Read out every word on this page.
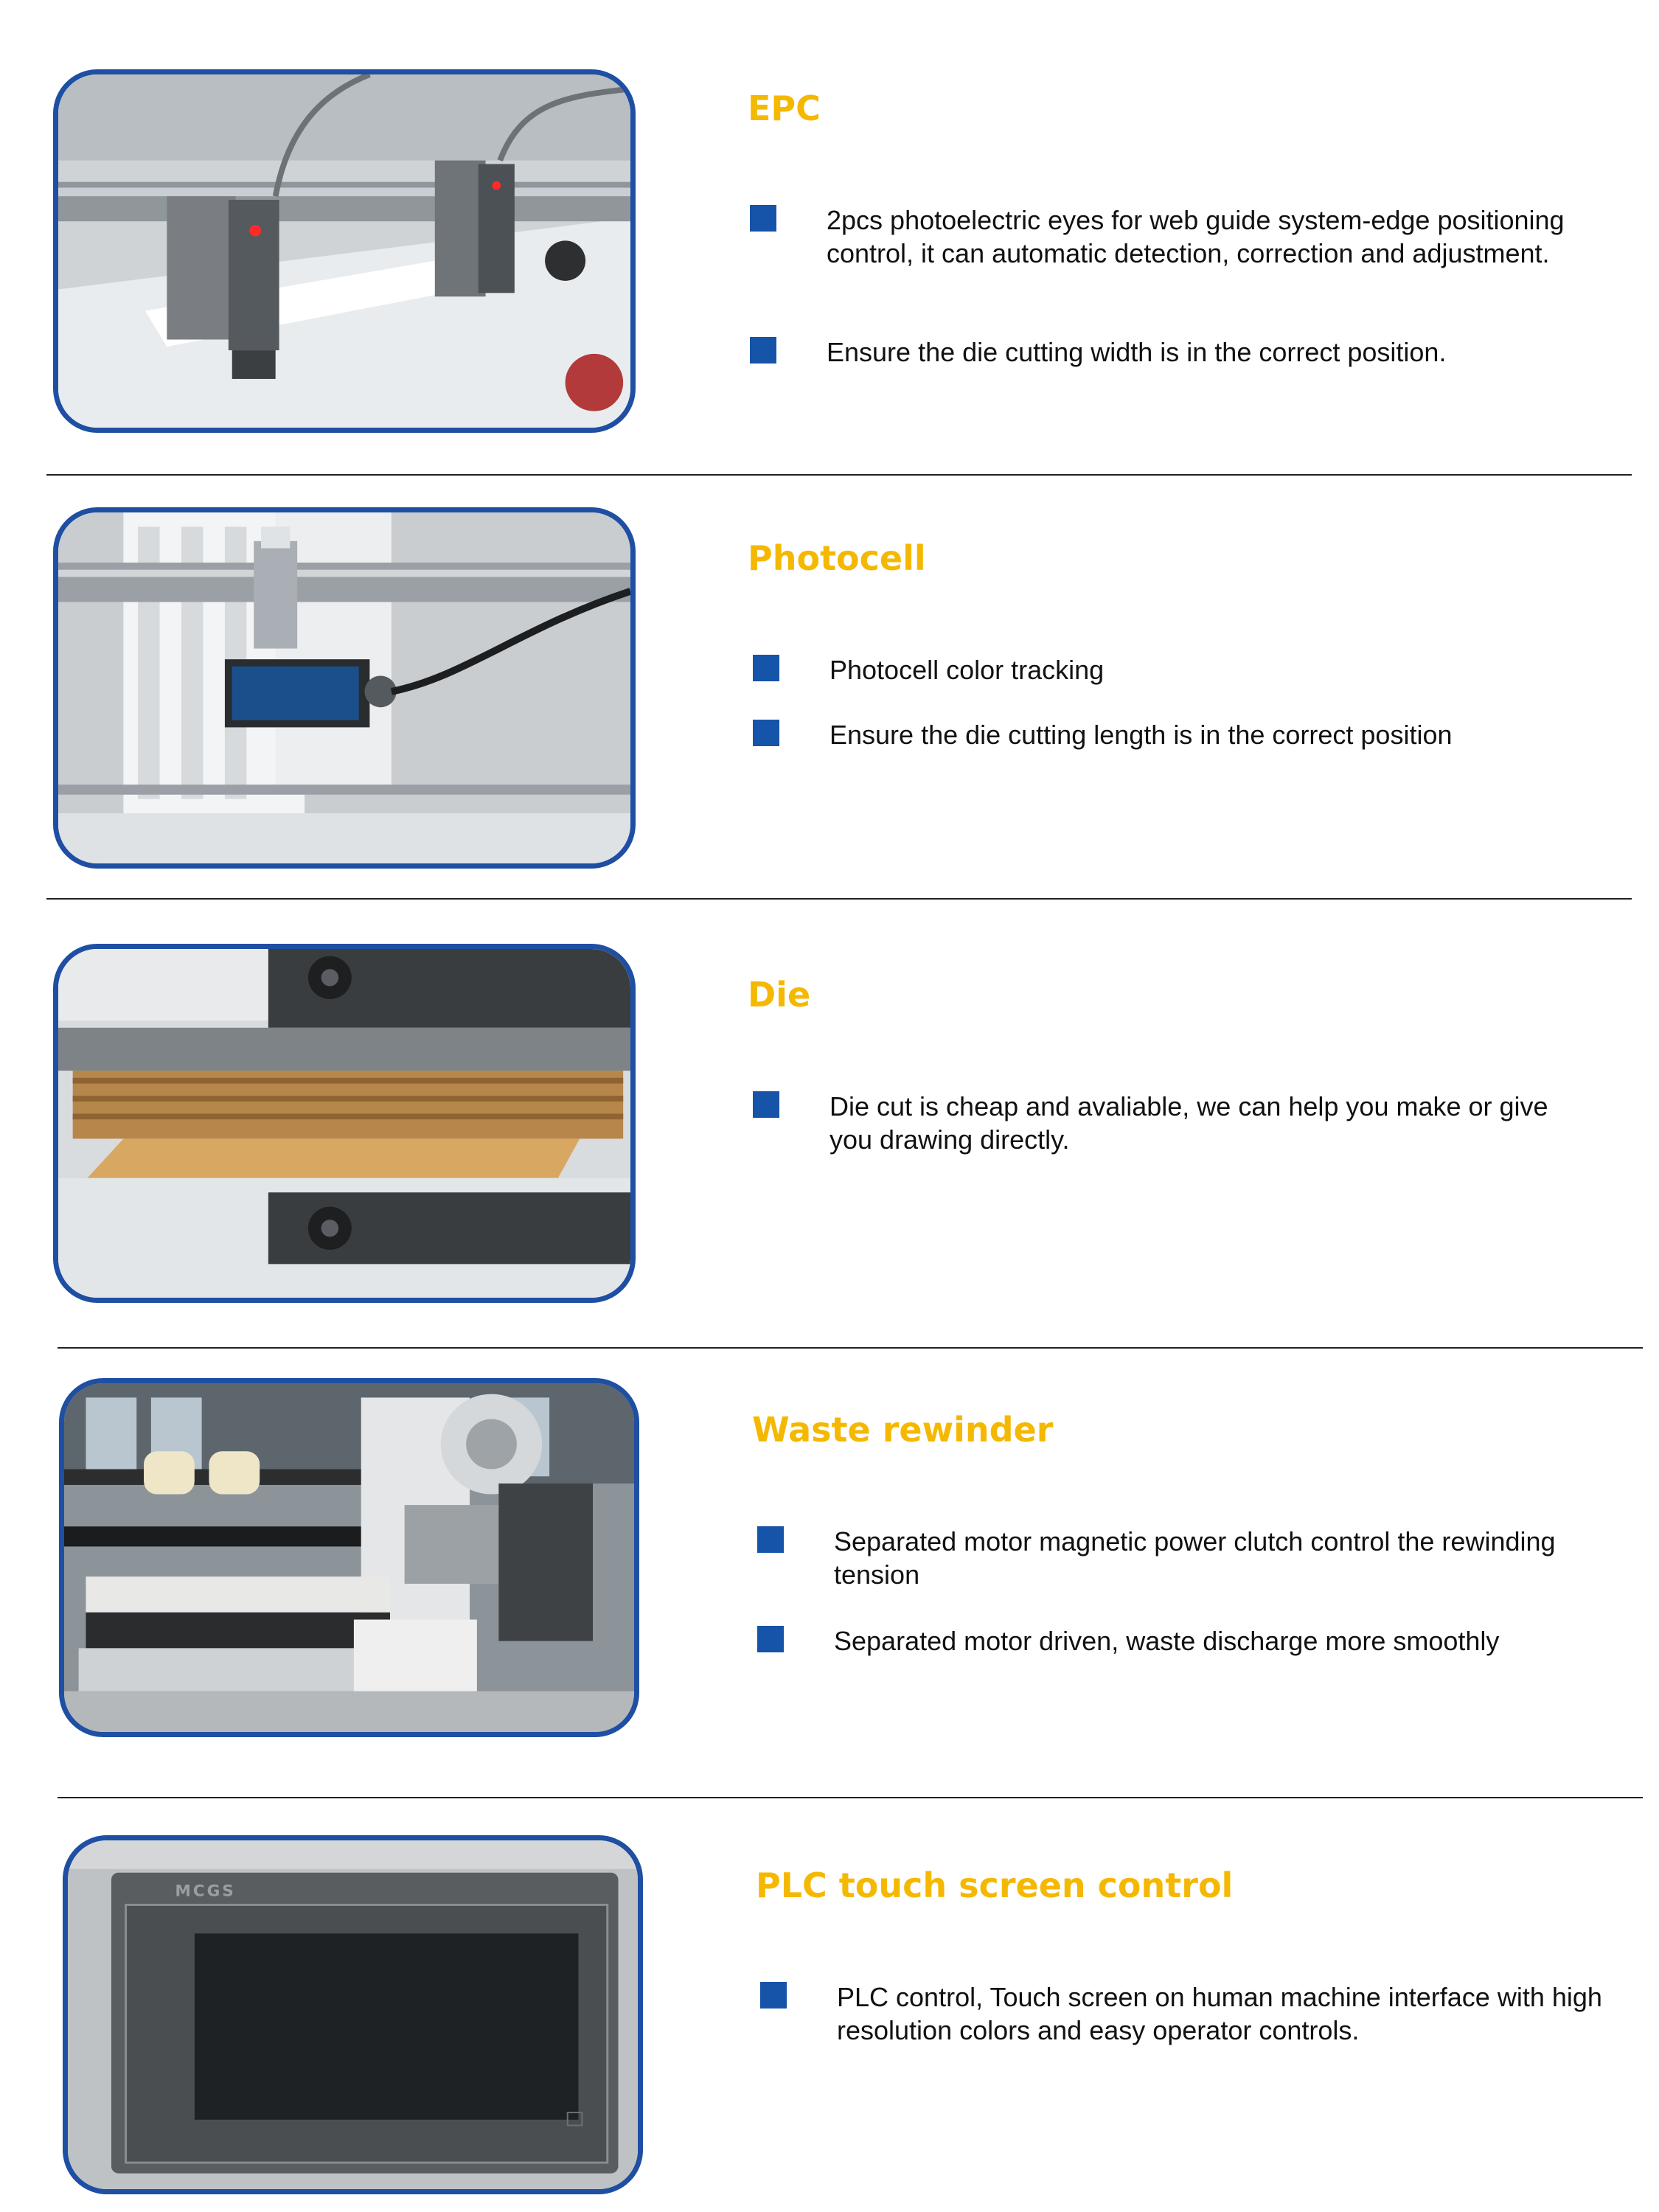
EPC

2pcs photoelectric eyes for web guide system-edge positioning control, it can automatic detection, correction and adjustment.

Ensure the die cutting width is in the correct position.

Photocell

Photocell color tracking

Ensure the die cutting length is in the correct position

Die

Die cut is cheap and avaliable, we can help you make or give you drawing directly.

Waste rewinder

Separated motor magnetic power clutch control the rewinding tension

Separated motor driven, waste discharge more smoothly

MCGS	PLC touch screen control

PLC control, Touch screen on human machine interface with high resolution colors and easy operator controls.
